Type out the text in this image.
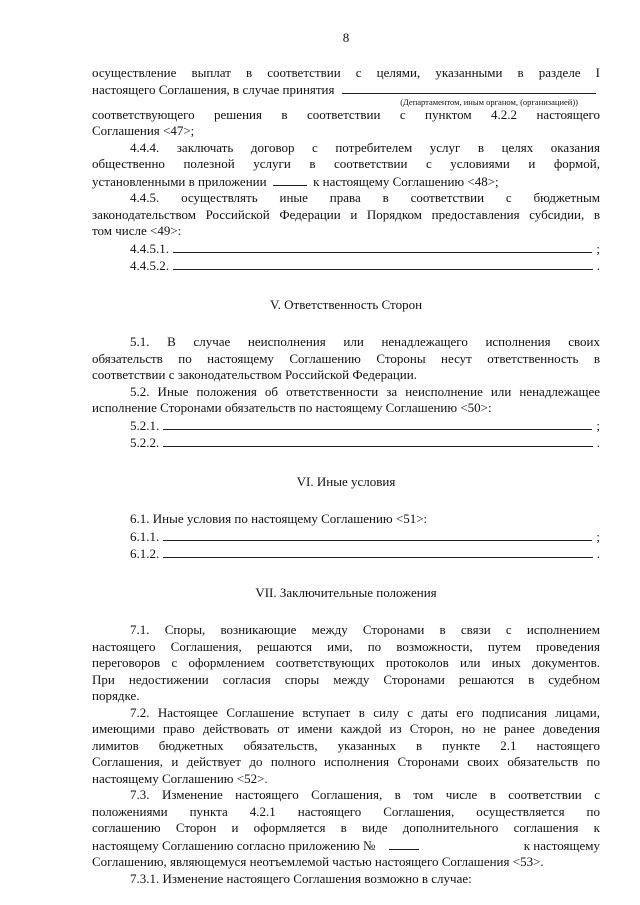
8
осуществление выплат в соответствии с целями, указанными в разделе I
настоящего Соглашения, в случае принятия
(Департаментом, иным органом, (организацией))
соответствующего решения в соответствии с пунктом 4.2.2 настоящего
Соглашения <47>;
4.4.4. заключать договор с потребителем услуг в целях оказания
общественно полезной услуги в соответствии с условиями и формой,
установленными в приложении	к настоящему Соглашению <48>;
4.4.5. осуществлять иные права в соответствии с бюджетным
законодательством Российской Федерации и Порядком предоставления субсидии, в
том числе <49>:
4.4.5.1.	;
4.4.5.2.	.
V. Ответственность Сторон
5.1. В случае неисполнения или ненадлежащего исполнения своих
обязательств по настоящему Соглашению Стороны несут ответственность в
соответствии с законодательством Российской Федерации.
5.2. Иные положения об ответственности за неисполнение или ненадлежащее
исполнение Сторонами обязательств по настоящему Соглашению <50>:
5.2.1.	;
5.2.2.	.
VI. Иные условия
6.1. Иные условия по настоящему Соглашению <51>:
6.1.1.	;
6.1.2.	.
VII. Заключительные положения
7.1. Споры, возникающие между Сторонами в связи с исполнением
настоящего Соглашения, решаются ими, по возможности, путем проведения
переговоров с оформлением соответствующих протоколов или иных документов.
При недостижении согласия споры между Сторонами решаются в судебном
порядке.
7.2. Настоящее Соглашение вступает в силу с даты его подписания лицами,
имеющими право действовать от имени каждой из Сторон, но не ранее доведения
лимитов бюджетных обязательств, указанных в пункте 2.1 настоящего
Соглашения, и действует до полного исполнения Сторонами своих обязательств по
настоящему Соглашению <52>.
7.3. Изменение настоящего Соглашения, в том числе в соответствии с
положениями пункта 4.2.1 настоящего Соглашения, осуществляется по
соглашению Сторон и оформляется в виде дополнительного соглашения к
настоящему Соглашению согласно приложению №	к настоящему
Соглашению, являющемуся неотъемлемой частью настоящего Соглашения <53>.
7.3.1. Изменение настоящего Соглашения возможно в случае:
